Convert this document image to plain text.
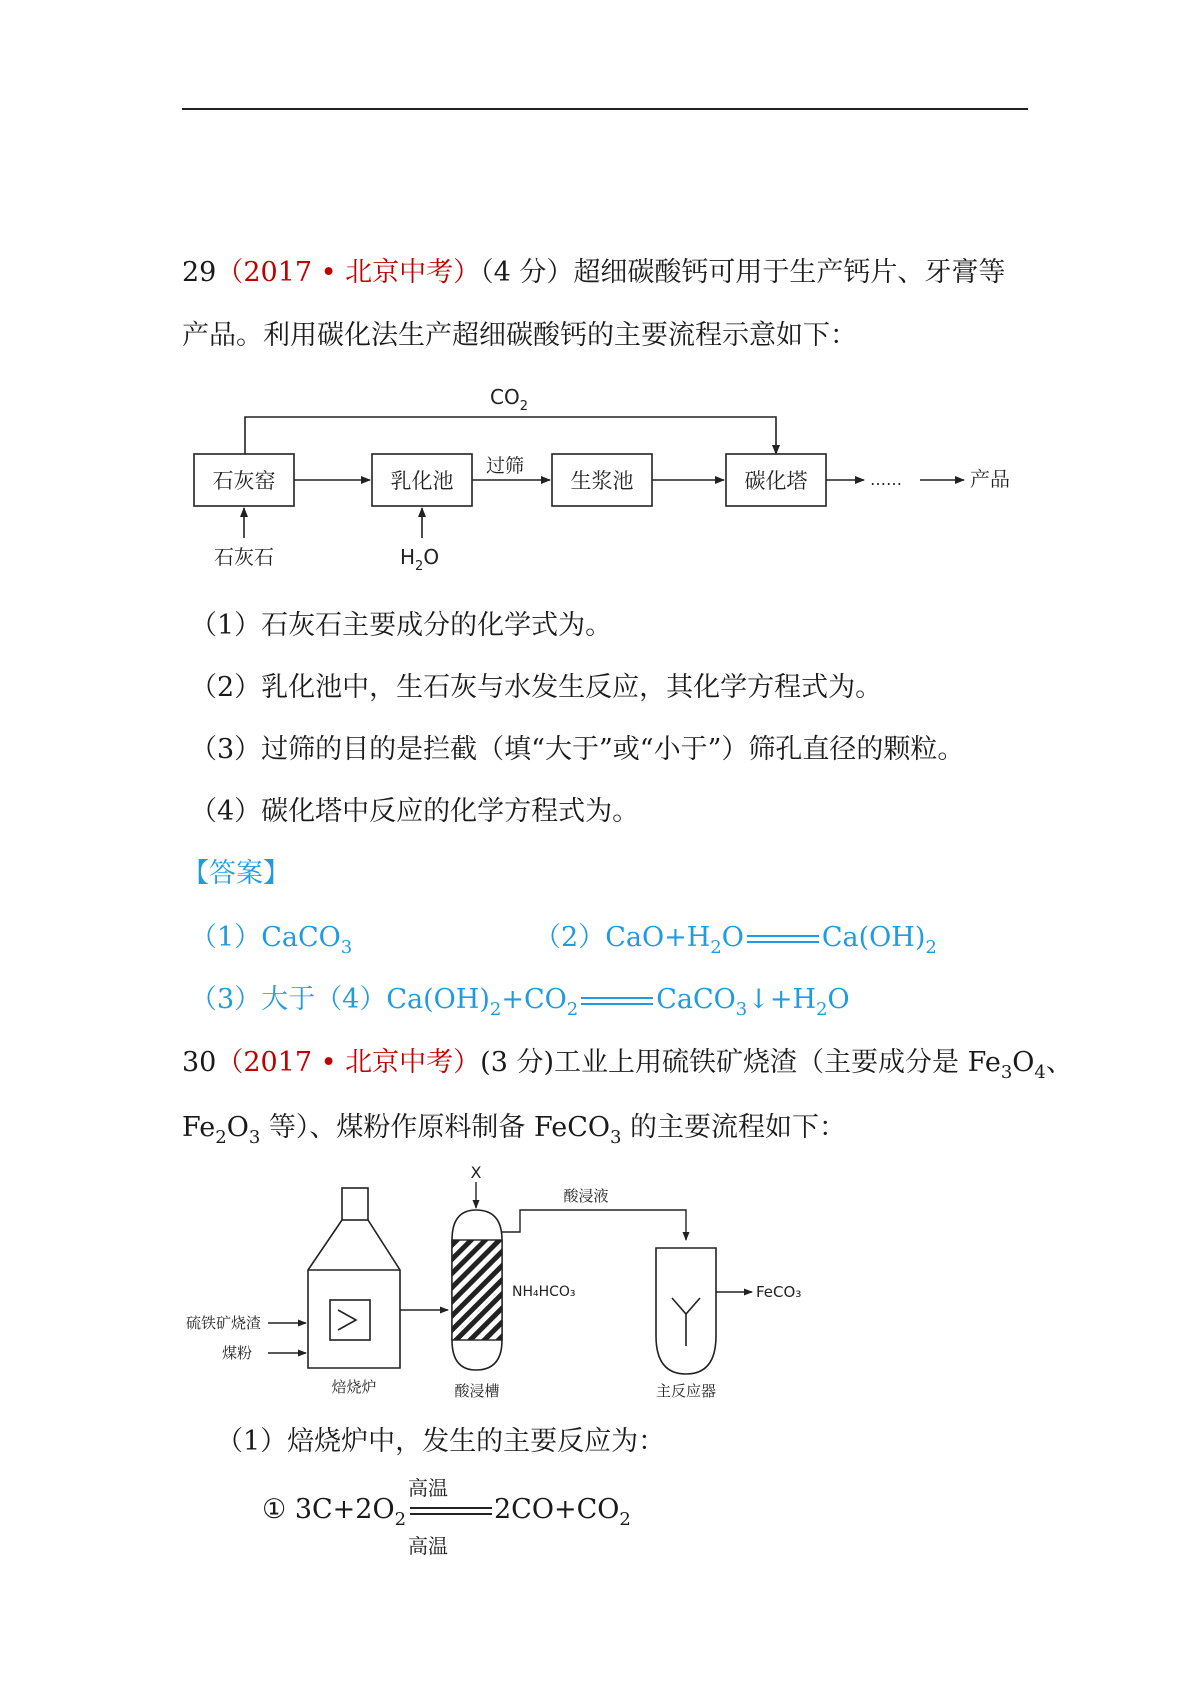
29（2017 • 北京中考）（4 分）超细碳酸钙可用于生产钙片、牙膏等
产品。利用碳化法生产超细碳酸钙的主要流程示意如下：
$CO_2$
石灰窑	乳化池	生浆池	碳化塔
过筛
……	产品
石灰石	$H_2O$
（1）石灰石主要成分的化学式为。
（2）乳化池中，生石灰与水发生反应，其化学方程式为。
（3）过筛的目的是拦截（填“大于”或“小于”）筛孔直径的颗粒。
（4）碳化塔中反应的化学方程式为。
【答案】
（1）CaCO$_3$	$(2)CaO+H_2O$	$Ca(OH)_2$
（3）大于$(4)Ca(OH)_2+CO_2$	$CaCO_3↓+H_2O$
30（2017 • 北京中考）(3 分)工业上用硫铁矿烧渣（主要成分是 $Fe_3O_4$、
$Fe_2O_3$ 等）、煤粉作原料制备 FeCO$_3$ 的主要流程如下：
硫铁矿烧渣
煤粉
焙烧炉
X
酸浸槽
酸浸液
主反应器
NH₄HCO₃	FeCO₃
（1）焙烧炉中，发生的主要反应为：
① $3C+2O_2$
高温
高温
$2CO+CO_2$
